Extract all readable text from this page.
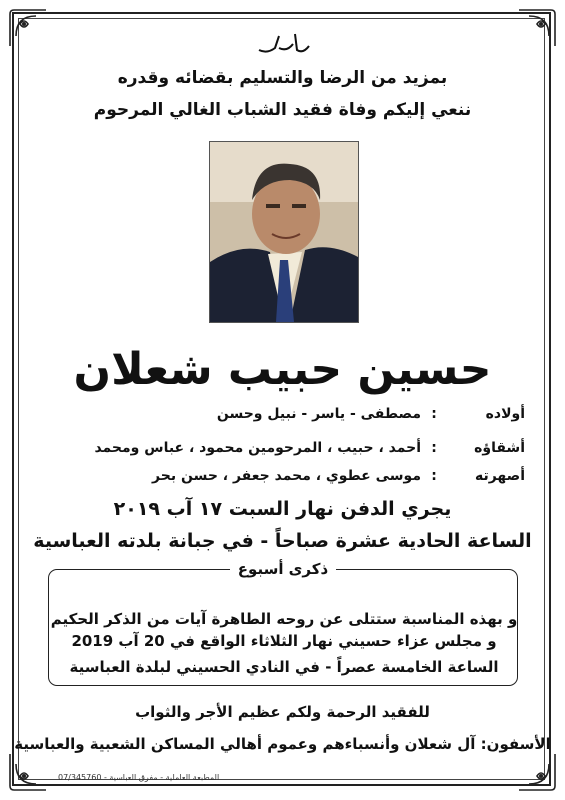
بمزيد من الرضا والتسليم بقضائه وقدره
ننعي إليكم وفاة فقيد الشباب الغالي المرحوم
حسين حبيب شعلان
أولاده
:
مصطفى - ياسر - نبيل وحسن
أشقاؤه
:
أحمد ، حبيب ، المرحومين محمود ، عباس ومحمد
أصهرته
:
موسى عطوي ، محمد جعفر ، حسن بحر
يجري الدفن نهار السبت ١٧ آب ٢٠١٩
الساعة الحادية عشرة صباحاً - في جبانة بلدته العباسية
ذكرى أسبوع
و بهذه المناسبة ستتلى عن روحه الطاهرة آيات من الذكر الحكيم
و مجلس عزاء حسيني نهار الثلاثاء الواقع في 20 آب 2019
الساعة الخامسة عصراً - في النادي الحسيني لبلدة العباسية
للفقيد الرحمة ولكم عظيم الأجر والثواب
الأسفون: آل شعلان وأنسباءهم وعموم أهالي المساكن الشعبية والعباسية
المطبعة العاملية - مفرق العباسية - 07/345760
